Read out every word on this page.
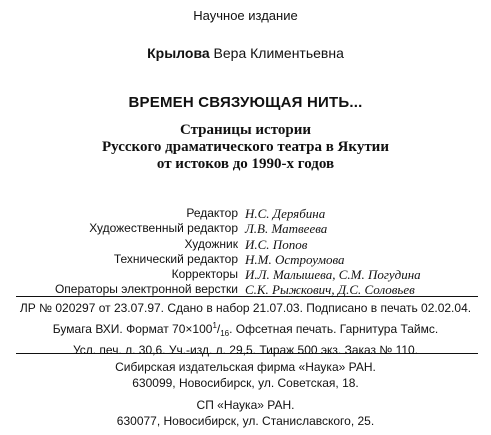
Научное издание
Крылова Вера Климентьевна
ВРЕМЕН СВЯЗУЮЩАЯ НИТЬ...
Страницы истории
Русского драматического театра в Якутии
от истоков до 1990-х годов
Редактор Н.С. Дерябина
Художественный редактор Л.В. Матвеева
Художник И.С. Попов
Технический редактор Н.М. Остроумова
Корректоры И.Л. Малышева, С.М. Погудина
Операторы электронной верстки С.К. Рыжкович, Д.С. Соловьев
ЛР № 020297 от 23.07.97. Сдано в набор 21.07.03. Подписано в печать 02.02.04.
Бумага ВХИ. Формат $70\times 100^1/_{16}$. Офсетная печать. Гарнитура Таймс.
Усл. печ. л. 30,6. Уч.-изд. л. 29,5. Тираж 500 экз. Заказ № 110.
Сибирская издательская фирма «Наука» РАН.
630099, Новосибирск, ул. Советская, 18.
СП «Наука» РАН.
630077, Новосибирск, ул. Станиславского, 25.
